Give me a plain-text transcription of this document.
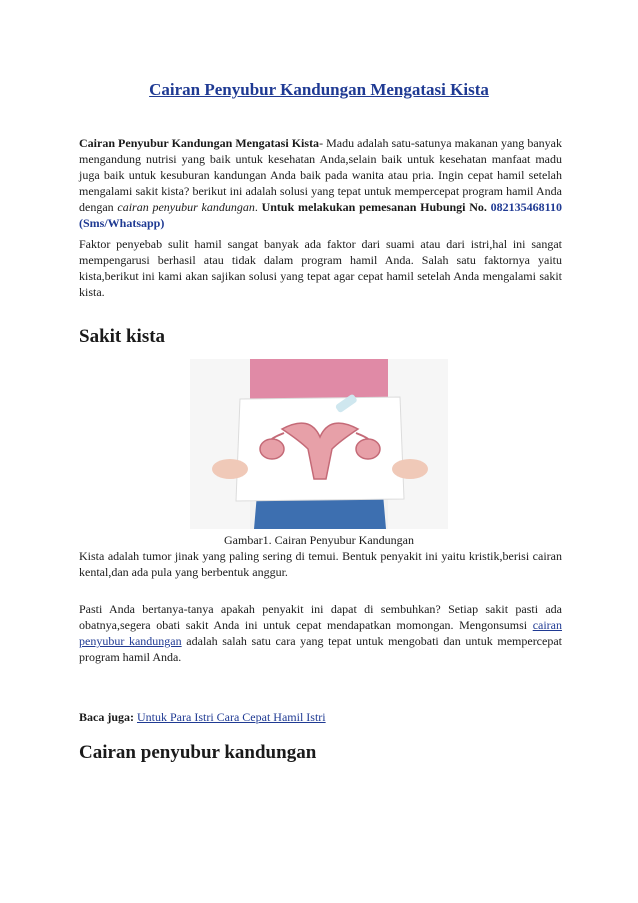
Cairan Penyubur Kandungan Mengatasi Kista

Cairan Penyubur Kandungan Mengatasi Kista- Madu adalah satu-satunya makanan yang banyak mengandung nutrisi yang baik untuk kesehatan Anda,selain baik untuk kesehatan manfaat madu juga baik untuk kesuburan kandungan Anda baik pada wanita atau pria. Ingin cepat hamil setelah mengalami sakit kista? berikut ini adalah solusi yang tepat untuk mempercepat program hamil Anda dengan cairan penyubur kandungan. Untuk melakukan pemesanan Hubungi No. 082135468110 (Sms/Whatsapp)

Faktor penyebab sulit hamil sangat banyak ada faktor dari suami atau dari istri,hal ini sangat mempengarusi berhasil atau tidak dalam program hamil Anda. Salah satu faktornya yaitu kista,berikut ini kami akan sajikan solusi yang tepat agar cepat hamil setelah Anda mengalami sakit kista.

Sakit kista
Gambar1. Cairan Penyubur Kandungan

Kista adalah tumor jinak yang paling sering di temui. Bentuk penyakit ini yaitu kristik,berisi cairan kental,dan ada pula yang berbentuk anggur.

Pasti Anda bertanya-tanya apakah penyakit ini dapat di sembuhkan? Setiap sakit pasti ada obatnya,segera obati sakit Anda ini untuk cepat mendapatkan momongan. Mengonsumsi cairan penyubur kandungan adalah salah satu cara yang tepat untuk mengobati dan untuk mempercepat program hamil Anda.

Baca juga: Untuk Para Istri Cara Cepat Hamil Istri
Cairan penyubur kandungan
